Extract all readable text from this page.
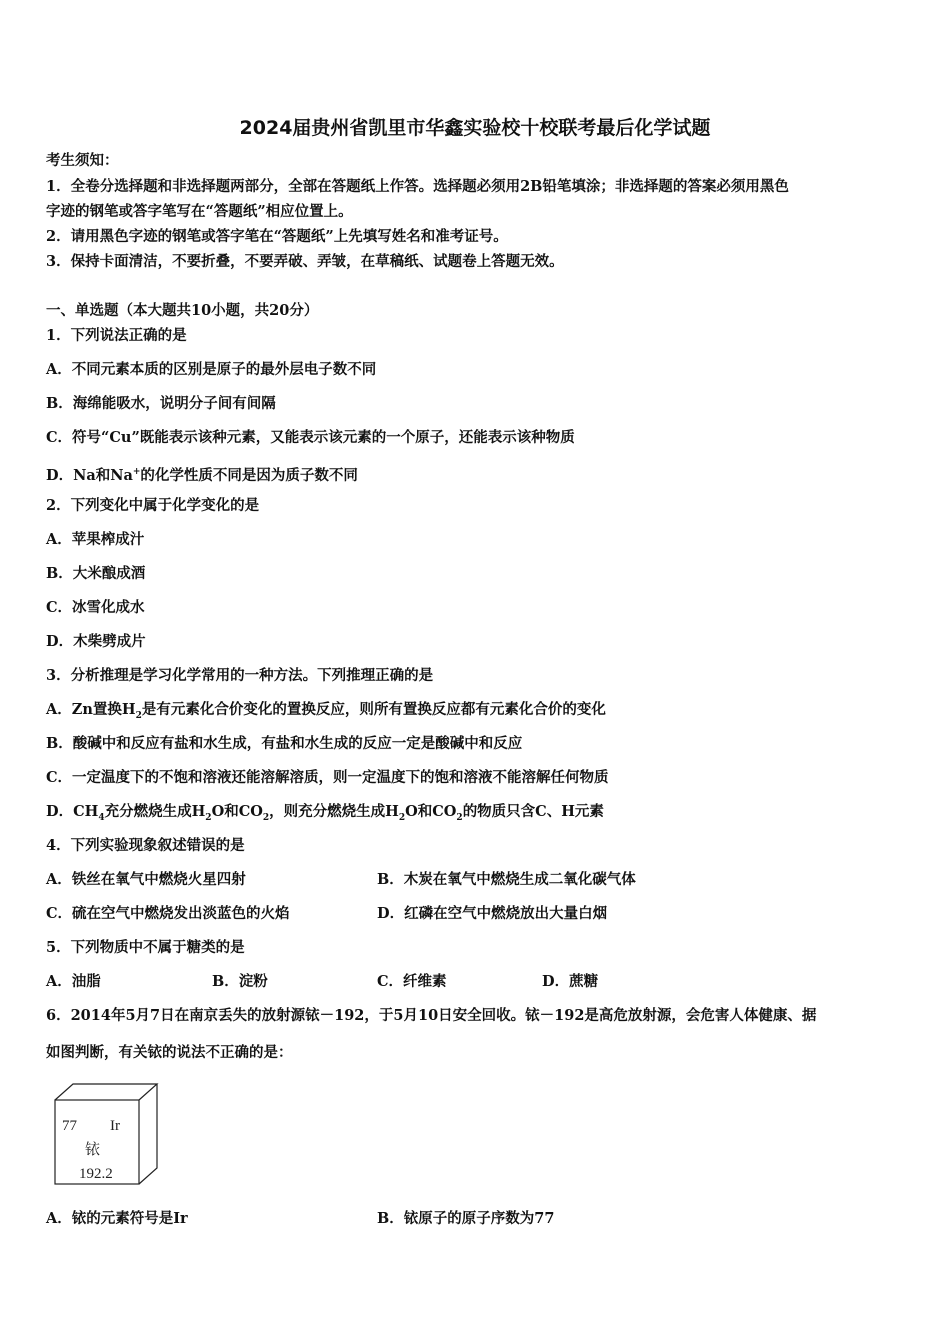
2024届贵州省凯里市华鑫实验校十校联考最后化学试题
考生须知：
1．全卷分选择题和非选择题两部分，全部在答题纸上作答。选择题必须用2B铅笔填涂；非选择题的答案必须用黑色
字迹的钢笔或答字笔写在“答题纸”相应位置上。
2．请用黑色字迹的钢笔或答字笔在“答题纸”上先填写姓名和准考证号。
3．保持卡面清洁，不要折叠，不要弄破、弄皱，在草稿纸、试题卷上答题无效。
一、单选题（本大题共10小题，共20分）
1．下列说法正确的是
A．不同元素本质的区别是原子的最外层电子数不同
B．海绵能吸水，说明分子间有间隔
C．符号“Cu”既能表示该种元素，又能表示该元素的一个原子，还能表示该种物质
D．Na和Na+的化学性质不同是因为质子数不同
2．下列变化中属于化学变化的是
A．苹果榨成汁
B．大米酿成酒
C．冰雪化成水
D．木柴劈成片
3．分析推理是学习化学常用的一种方法。下列推理正确的是
A．Zn置换$H_2$是有元素化合价变化的置换反应，则所有置换反应都有元素化合价的变化
B．酸碱中和反应有盐和水生成，有盐和水生成的反应一定是酸碱中和反应
C．一定温度下的不饱和溶液还能溶解溶质，则一定温度下的饱和溶液不能溶解任何物质
D．$CH_4$充分燃烧生成$H_2O$和$CO_2$，则充分燃烧生成$H_2O$和$CO_2$的物质只含C、H元素
4．下列实验现象叙述错误的是
A．铁丝在氧气中燃烧火星四射	B．木炭在氧气中燃烧生成二氧化碳气体
C．硫在空气中燃烧发出淡蓝色的火焰	D．红磷在空气中燃烧放出大量白烟
5．下列物质中不属于糖类的是
A．油脂	B．淀粉	C．纤维素	D．蔗糖
6．2014年5月7日在南京丢失的放射源铱－192，于5月10日安全回收。铱－192是高危放射源，会危害人体健康、据
如图判断，有关铱的说法不正确的是：
77 Ir
铱
192.2
A．铱的元素符号是Ir	B．铱原子的原子序数为77
